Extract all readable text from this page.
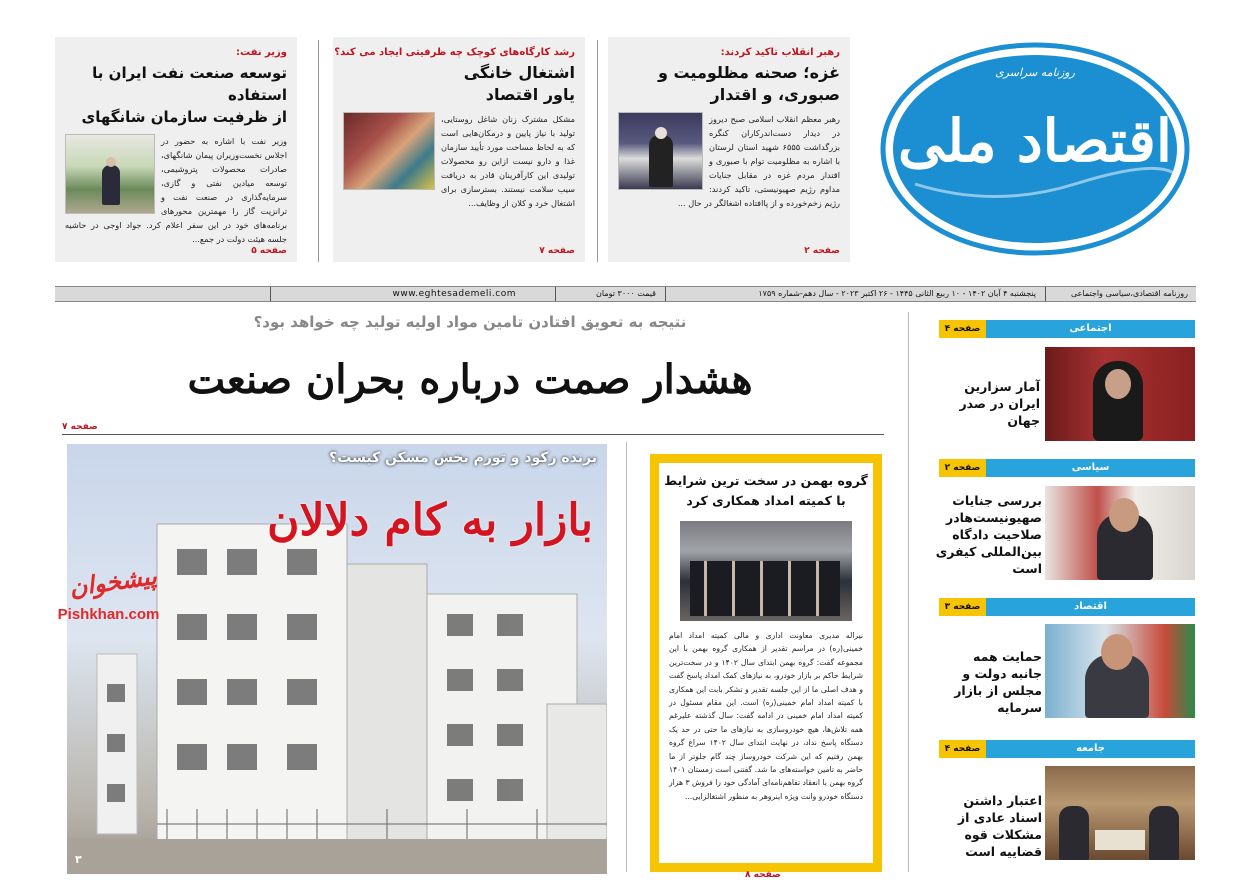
روزنامه سراسری
اقتصاد ملی
رهبر انقلاب تاکید کردند:
غزه؛ صحنه مظلومیت و
صبوری، و اقتدار
رهبر معظم انقلاب اسلامی صبح دیروز در دیدار دست‌اندرکاران کنگره بزرگداشت ۶۵۵۵ شهید استان لرستان با اشاره به مظلومیت توام با صبوری و اقتدار مردم غزه در مقابل جنایات مداوم رژیم صهیونیستی، تاکید کردند: رژیم زخم‌خورده و از پاافتاده اشغالگر در حال ...
صفحه ۲
رشد کارگاه‌های کوچک چه ظرفیتی ایجاد می کند؟
اشتغال خانگی
یاور اقتصاد
مشکل مشترک زنان شاغل روستایی، تولید با نیاز پایین و درمکان‌هایی است که به لحاظ مساحت مورد تأیید سازمان غذا و دارو نیست ازاین رو محصولات تولیدی این کارآفرینان قادر به دریافت سیب سلامت نیستند. بسترسازی برای اشتغال خرد و کلان از وظایف...
صفحه ۷
وزیر نفت:
توسعه صنعت نفت ایران با استفاده
از ظرفیت سازمان شانگهای
وزیر نفت با اشاره به حضور در اجلاس نخست‌وزیران پیمان شانگهای، صادرات محصولات پتروشیمی، توسعه میادین نفتی و گازی، سرمایه‌گذاری در صنعت نفت و ترانزیت گاز را مهمترین محورهای برنامه‌های خود در این سفر اعلام کرد. جواد اوجی در حاشیه جلسه هیئت دولت در جمع...
صفحه ۵
روزنامه اقتصادی،سیاسی واجتماعی
پنجشنبه ۴ آبان ۱۴۰۲ - ۱۰ ربیع الثانی ۱۴۴۵ - ۲۶ اکتبر ۲۰۲۳ - سال دهم-شماره ۱۷۵۹
قیمت ۳۰۰۰ تومان
www.eghtesademeli.com
نتیجه به تعویق افتادن تامین مواد اولیه تولید چه خواهد بود؟
هشدار صمت درباره بحران صنعت
صفحه ۷
برنده رکود و تورم بخش مسکن کیست؟
بازار به کام دلالان
۳
پیشخوان
Pishkhan.com
گروه بهمن در سخت ترین شرایط
با کمیته امداد همکاری کرد
نیراله مدیری معاونت اداری و مالی کمیته امداد امام خمینی(ره) در مراسم تقدیر از همکاری گروه بهمن با این مجموعه گفت: گروه بهمن ابتدای سال ۱۴۰۲ و در سخت‌ترین شرایط حاکم بر بازار خودرو، به نیازهای کمک امداد پاسخ گفت و هدف اصلی ما از این جلسه تقدیر و تشکر بابت این همکاری با کمیته امداد امام خمینی(ره) است. این مقام مسئول در کمیته امداد امام خمینی در ادامه گفت: سال گذشته علیرغم همه تلاش‌ها، هیچ خودروسازی به نیازهای ما حتی در حد یک دستگاه پاسخ نداد، در نهایت ابتدای سال ۱۴۰۲ سراغ گروه بهمن رفتیم که این شرکت خودروساز چند گام جلوتر از ما حاضر به تامین خواسته‌های ما شد. گفتنی است زمستان ۱۴۰۱ گروه بهمن با انعقاد تفاهم‌نامه‌ای آمادگی خود را فروش ۳ هزار دستگاه خودرو وانت ویژه اینروهر به منظور اشتغالزایی...
صفحه ۸
اجتماعی
صفحه ۴
آمار سزارین ایران در صدر جهان
سیاسی
صفحه ۲
بررسی جنایات صهیونیست‌هادر صلاحیت دادگاه بین‌المللی کیفری است
اقتصاد
صفحه ۳
حمایت همه جانبه دولت و مجلس از بازار سرمایه
جامعه
صفحه ۴
اعتبار داشتن اسناد عادی از مشکلات قوه قضاییه است
